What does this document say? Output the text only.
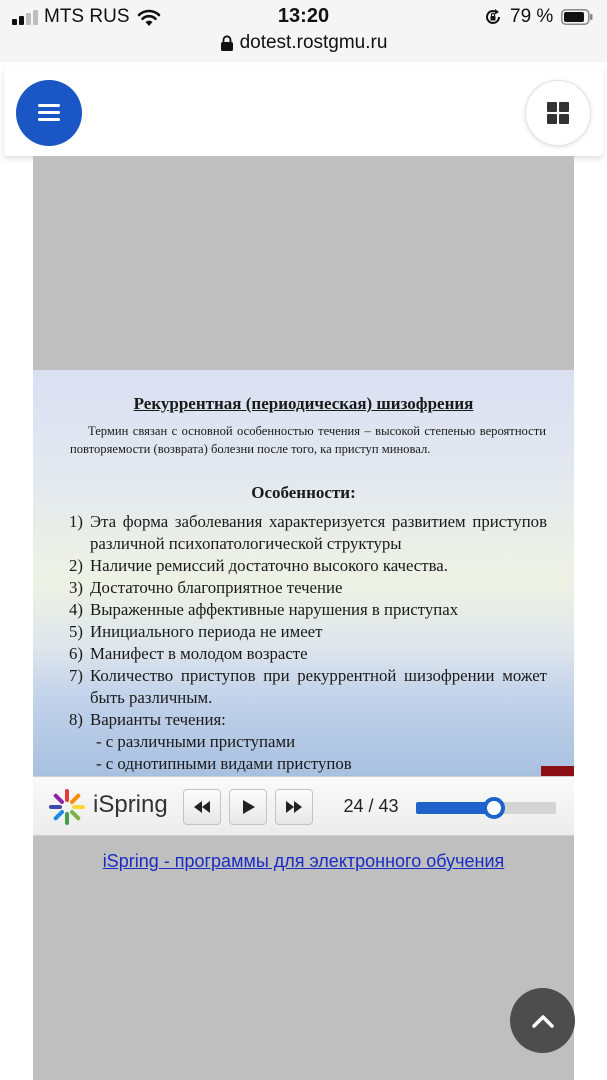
MTS RUS	13:20	79 %
dotest.rostgmu.ru
Рекуррентная (периодическая) шизофрения

Термин связан с основной особенностью течения – высокой степенью вероятности повторяемости (возврата) болезни после того, ка приступ миновал.

Особенности:
1) Эта форма заболевания характеризуется развитием приступов различной психопатологической структуры
2) Наличие ремиссий достаточно высокого качества.
3) Достаточно благоприятное течение
4) Выраженные аффективные нарушения в приступах
5) Инициального периода не имеет
6) Манифест в молодом возрасте
7) Количество приступов при рекуррентной шизофрении может быть различным.
8) Варианты течения:
- с различными приступами
- с однотипными видами приступов
iSpring	24 / 43
iSpring - программы для электронного обучения
